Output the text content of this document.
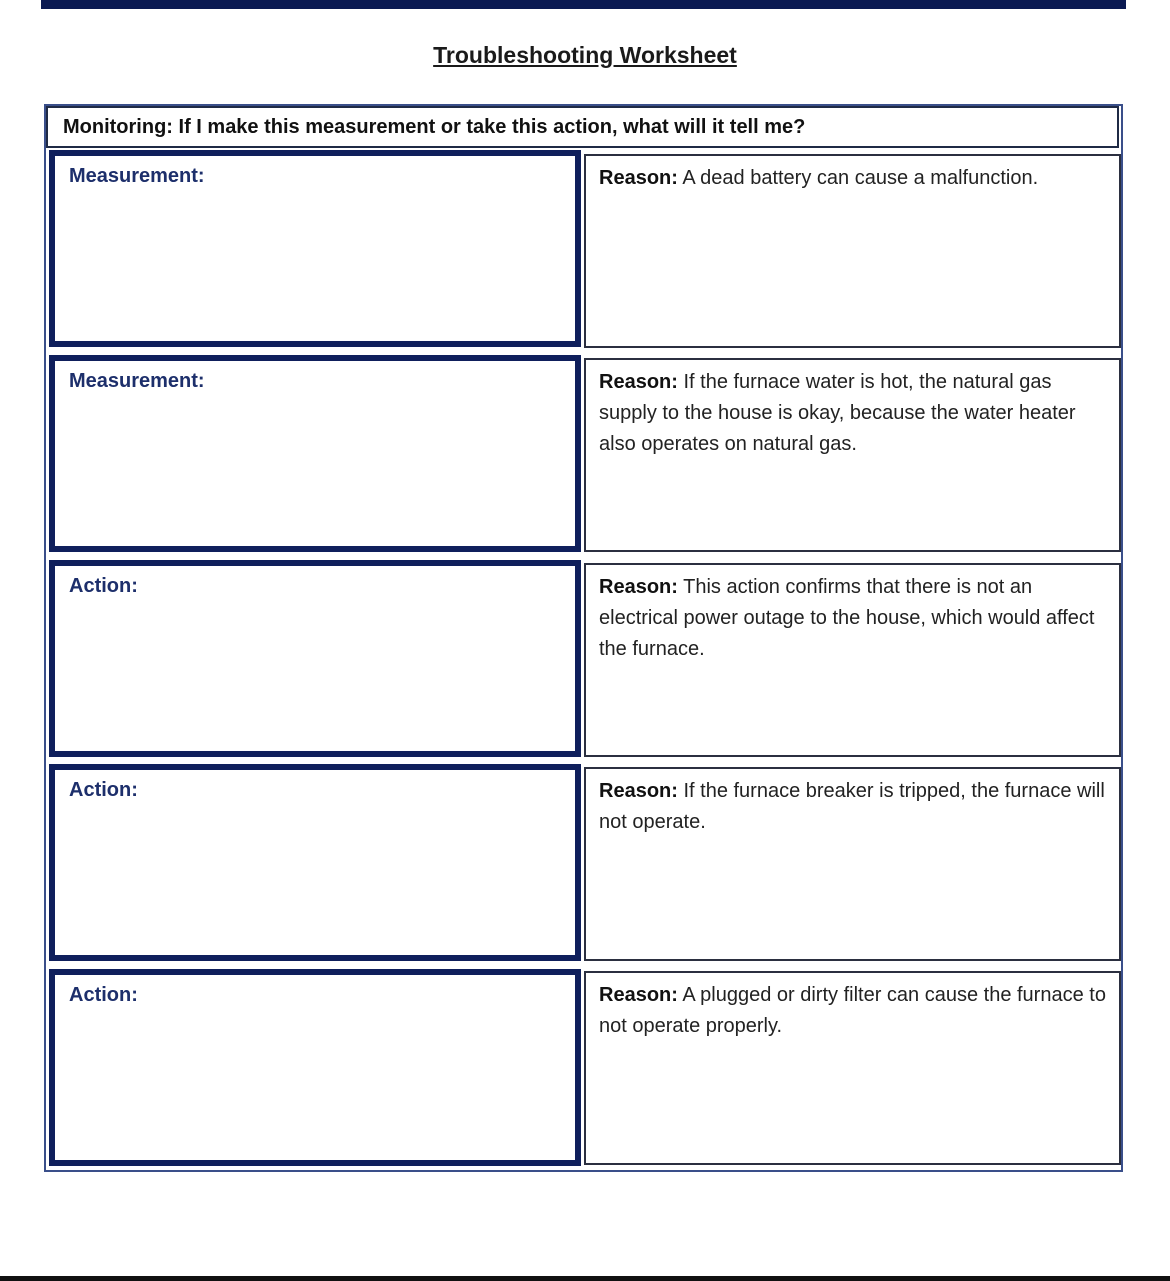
Troubleshooting Worksheet
Monitoring: If I make this measurement or take this action, what will it tell me?
Measurement:	Reason: A dead battery can cause a malfunction.
Measurement:	Reason: If the furnace water is hot, the natural gas supply to the house is okay, because the water heater also operates on natural gas.
Action:	Reason: This action confirms that there is not an electrical power outage to the house, which would affect the furnace.
Action:	Reason: If the furnace breaker is tripped, the furnace will not operate.
Action:	Reason: A plugged or dirty filter can cause the furnace to not operate properly.
